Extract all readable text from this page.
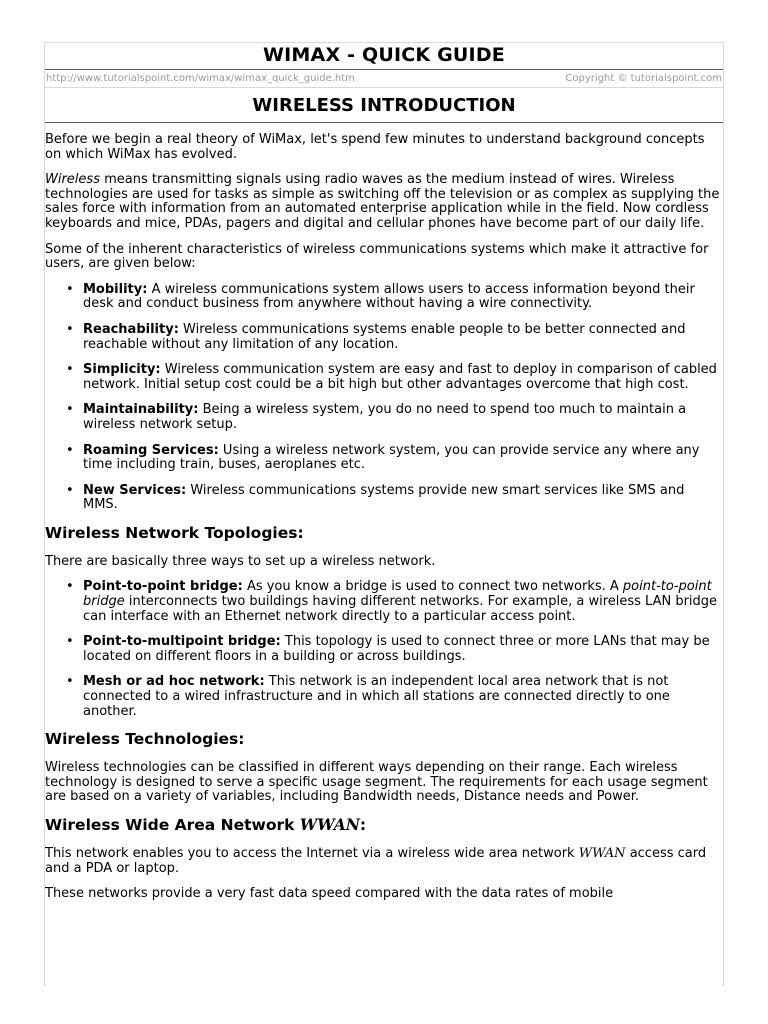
WIMAX - QUICK GUIDE
http://www.tutorialspoint.com/wimax/wimax_quick_guide.htm	Copyright © tutorialspoint.com
WIRELESS INTRODUCTION

Before we begin a real theory of WiMax, let's spend few minutes to understand background concepts on which WiMax has evolved.

Wireless means transmitting signals using radio waves as the medium instead of wires. Wireless technologies are used for tasks as simple as switching off the television or as complex as supplying the sales force with information from an automated enterprise application while in the field. Now cordless keyboards and mice, PDAs, pagers and digital and cellular phones have become part of our daily life.

Some of the inherent characteristics of wireless communications systems which make it attractive for users, are given below:

• Mobility: A wireless communications system allows users to access information beyond their desk and conduct business from anywhere without having a wire connectivity.
• Reachability: Wireless communications systems enable people to be better connected and reachable without any limitation of any location.
• Simplicity: Wireless communication system are easy and fast to deploy in comparison of cabled network. Initial setup cost could be a bit high but other advantages overcome that high cost.
• Maintainability: Being a wireless system, you do no need to spend too much to maintain a wireless network setup.
• Roaming Services: Using a wireless network system, you can provide service any where any time including train, buses, aeroplanes etc.
• New Services: Wireless communications systems provide new smart services like SMS and MMS.
Wireless Network Topologies:

There are basically three ways to set up a wireless network.

• Point-to-point bridge: As you know a bridge is used to connect two networks. A point-to-point bridge interconnects two buildings having different networks. For example, a wireless LAN bridge can interface with an Ethernet network directly to a particular access point.
• Point-to-multipoint bridge: This topology is used to connect three or more LANs that may be located on different floors in a building or across buildings.
• Mesh or ad hoc network: This network is an independent local area network that is not connected to a wired infrastructure and in which all stations are connected directly to one another.
Wireless Technologies:

Wireless technologies can be classified in different ways depending on their range. Each wireless technology is designed to serve a specific usage segment. The requirements for each usage segment are based on a variety of variables, including Bandwidth needs, Distance needs and Power.

Wireless Wide Area Network WWAN:

This network enables you to access the Internet via a wireless wide area network WWAN access card and a PDA or laptop.

These networks provide a very fast data speed compared with the data rates of mobile
